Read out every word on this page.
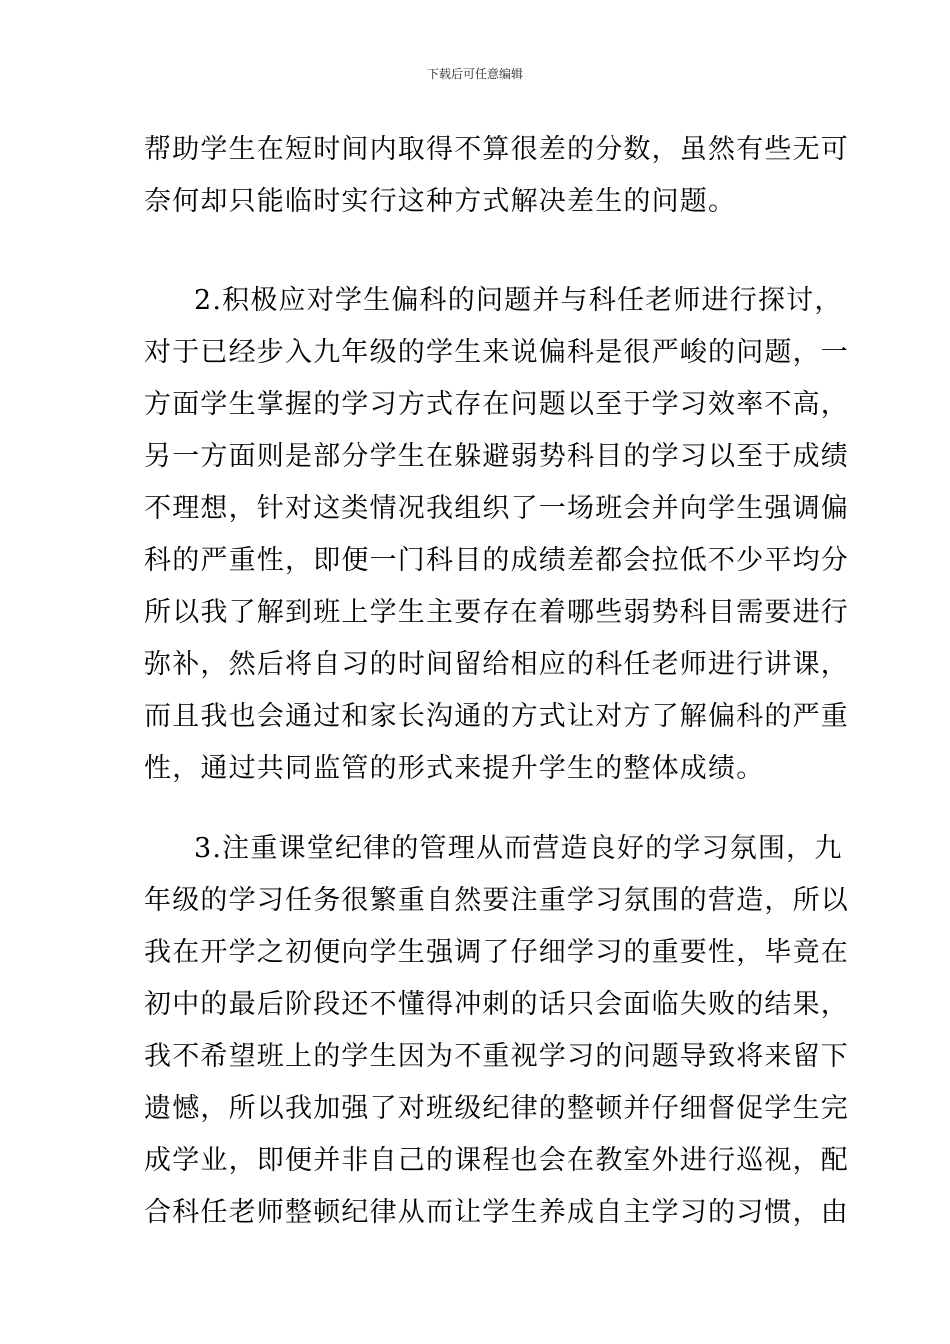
下载后可任意编辑
帮助学生在短时间内取得不算很差的分数，虽然有些无可
奈何却只能临时实行这种方式解决差生的问题。
2.积极应对学生偏科的问题并与科任老师进行探讨，
对于已经步入九年级的学生来说偏科是很严峻的问题，一
方面学生掌握的学习方式存在问题以至于学习效率不高，
另一方面则是部分学生在躲避弱势科目的学习以至于成绩
不理想，针对这类情况我组织了一场班会并向学生强调偏
科的严重性，即便一门科目的成绩差都会拉低不少平均分
所以我了解到班上学生主要存在着哪些弱势科目需要进行
弥补，然后将自习的时间留给相应的科任老师进行讲课，
而且我也会通过和家长沟通的方式让对方了解偏科的严重
性，通过共同监管的形式来提升学生的整体成绩。
3.注重课堂纪律的管理从而营造良好的学习氛围，九
年级的学习任务很繁重自然要注重学习氛围的营造，所以
我在开学之初便向学生强调了仔细学习的重要性，毕竟在
初中的最后阶段还不懂得冲刺的话只会面临失败的结果，
我不希望班上的学生因为不重视学习的问题导致将来留下
遗憾，所以我加强了对班级纪律的整顿并仔细督促学生完
成学业，即便并非自己的课程也会在教室外进行巡视，配
合科任老师整顿纪律从而让学生养成自主学习的习惯，由
